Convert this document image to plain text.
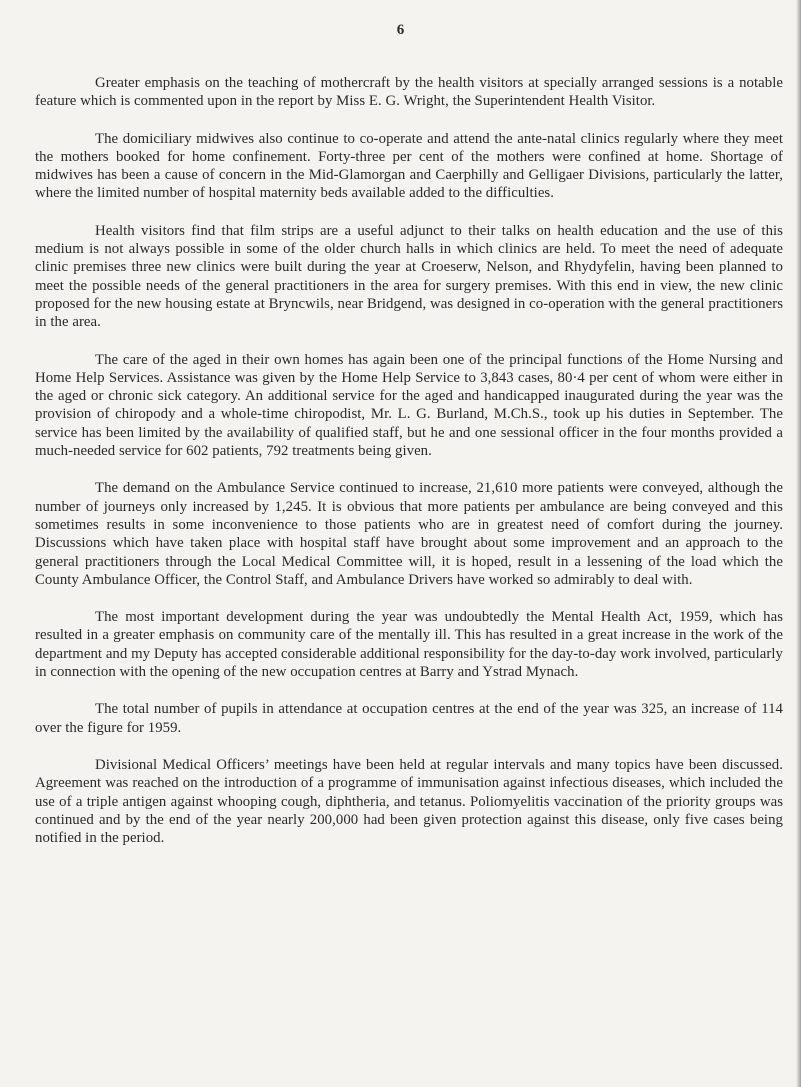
6

Greater emphasis on the teaching of mothercraft by the health visitors at specially arranged sessions is a notable feature which is commented upon in the report by Miss E. G. Wright, the Superintendent Health Visitor.

The domiciliary midwives also continue to co-operate and attend the ante-natal clinics regularly where they meet the mothers booked for home confinement. Forty-three per cent of the mothers were confined at home. Shortage of midwives has been a cause of concern in the Mid-Glamorgan and Caerphilly and Gelligaer Divisions, particularly the latter, where the limited number of hospital maternity beds available added to the difficulties.

Health visitors find that film strips are a useful adjunct to their talks on health education and the use of this medium is not always possible in some of the older church halls in which clinics are held. To meet the need of adequate clinic premises three new clinics were built during the year at Croeserw, Nelson, and Rhydyfelin, having been planned to meet the possible needs of the general practitioners in the area for surgery premises. With this end in view, the new clinic proposed for the new housing estate at Bryncwils, near Bridgend, was designed in co-operation with the general practitioners in the area.

The care of the aged in their own homes has again been one of the principal functions of the Home Nursing and Home Help Services. Assistance was given by the Home Help Service to 3,843 cases, 80·4 per cent of whom were either in the aged or chronic sick category. An additional service for the aged and handicapped inaugurated during the year was the provision of chiropody and a whole-time chiropodist, Mr. L. G. Burland, M.Ch.S., took up his duties in September. The service has been limited by the availability of qualified staff, but he and one sessional officer in the four months provided a much-needed service for 602 patients, 792 treatments being given.

The demand on the Ambulance Service continued to increase, 21,610 more patients were conveyed, although the number of journeys only increased by 1,245. It is obvious that more patients per ambulance are being conveyed and this sometimes results in some inconvenience to those patients who are in greatest need of comfort during the journey. Discussions which have taken place with hospital staff have brought about some improvement and an approach to the general practitioners through the Local Medical Committee will, it is hoped, result in a lessening of the load which the County Ambulance Officer, the Control Staff, and Ambulance Drivers have worked so admirably to deal with.

The most important development during the year was undoubtedly the Mental Health Act, 1959, which has resulted in a greater emphasis on community care of the mentally ill. This has resulted in a great increase in the work of the department and my Deputy has accepted considerable additional responsibility for the day-to-day work involved, particularly in connection with the opening of the new occupation centres at Barry and Ystrad Mynach.

The total number of pupils in attendance at occupation centres at the end of the year was 325, an increase of 114 over the figure for 1959.

Divisional Medical Officers’ meetings have been held at regular intervals and many topics have been discussed. Agreement was reached on the introduction of a programme of immunisation against infectious diseases, which included the use of a triple antigen against whooping cough, diphtheria, and tetanus. Poliomyelitis vaccination of the priority groups was continued and by the end of the year nearly 200,000 had been given protection against this disease, only five cases being notified in the period.
